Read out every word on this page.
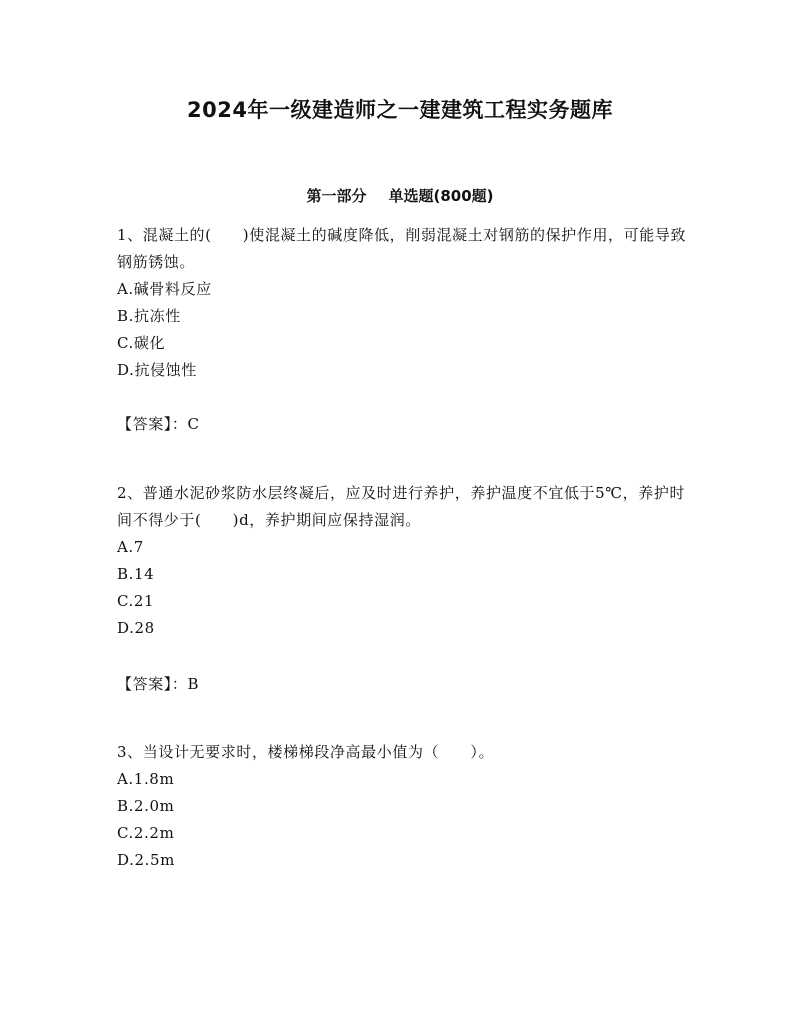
2024年一级建造师之一建建筑工程实务题库
第一部分 单选题(800题)

1、混凝土的(　　)使混凝土的碱度降低，削弱混凝土对钢筋的保护作用，可能导致钢筋锈蚀。

A.碱骨料反应

B.抗冻性

C.碳化

D.抗侵蚀性

【答案】：C

2、普通水泥砂浆防水层终凝后，应及时进行养护，养护温度不宜低于5℃，养护时间不得少于(　　)d，养护期间应保持湿润。

A.7

B.14

C.21

D.28

【答案】：B

3、当设计无要求时，楼梯梯段净高最小值为（　　）。

A.1.8m

B.2.0m

C.2.2m

D.2.5m
